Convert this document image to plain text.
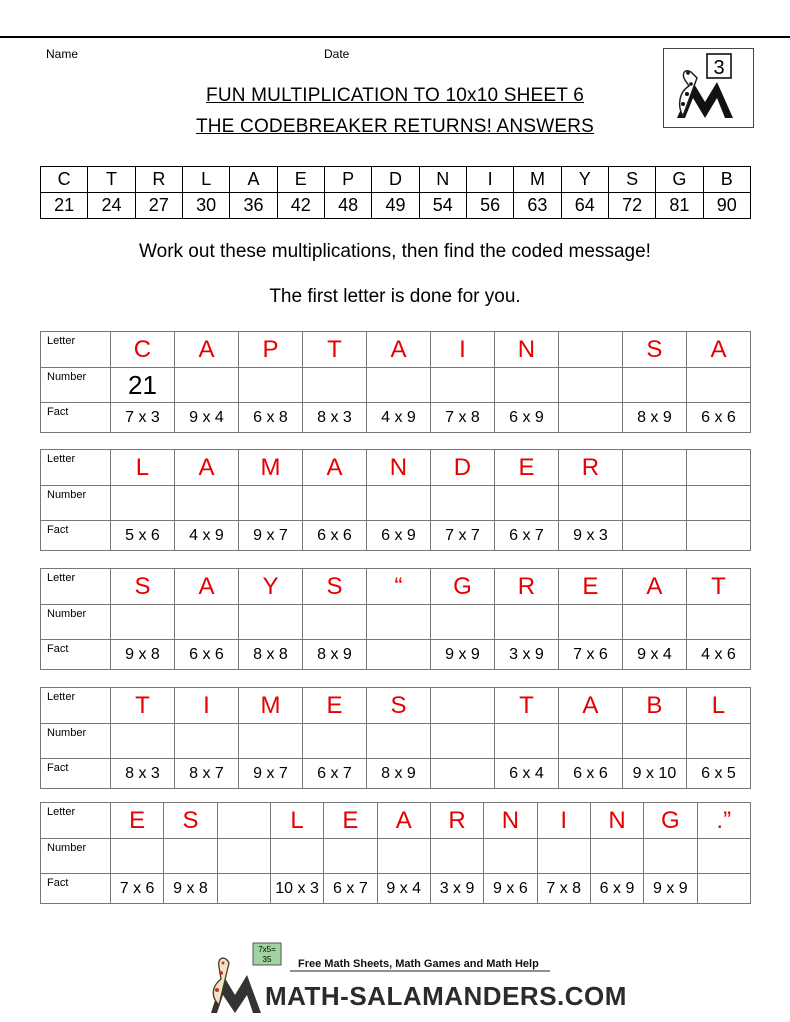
Name	Date
FUN MULTIPLICATION TO 10x10 SHEET 6
THE CODEBREAKER RETURNS! ANSWERS
3
C	T	R	L	A	E	P	D	N	I	M	Y	S	G	B
21	24	27	30	36	42	48	49	54	56	63	64	72	81	90
Work out these multiplications, then find the coded message!
The first letter is done for you.
Letter	C	A	P	T	A	I	N		S	A
Number	21									
Fact	7 x 3	9 x 4	6 x 8	8 x 3	4 x 9	7 x 8	6 x 9		8 x 9	6 x 6
Letter	L	A	M	A	N	D	E	R		
Number										
Fact	5 x 6	4 x 9	9 x 7	6 x 6	6 x 9	7 x 7	6 x 7	9 x 3		
Letter	S	A	Y	S	“	G	R	E	A	T
Number										
Fact	9 x 8	6 x 6	8 x 8	8 x 9		9 x 9	3 x 9	7 x 6	9 x 4	4 x 6
Letter	T	I	M	E	S		T	A	B	L
Number										
Fact	8 x 3	8 x 7	9 x 7	6 x 7	8 x 9		6 x 4	6 x 6	9 x 10	6 x 5
Letter	E	S		L	E	A	R	N	I	N	G	.”
Number												
Fact	7 x 6	9 x 8		10 x 3	6 x 7	9 x 4	3 x 9	9 x 6	7 x 8	6 x 9	9 x 9	
7x5=
35 Free Math Sheets, Math Games and Math Help
MATH-SALAMANDERS.COM
